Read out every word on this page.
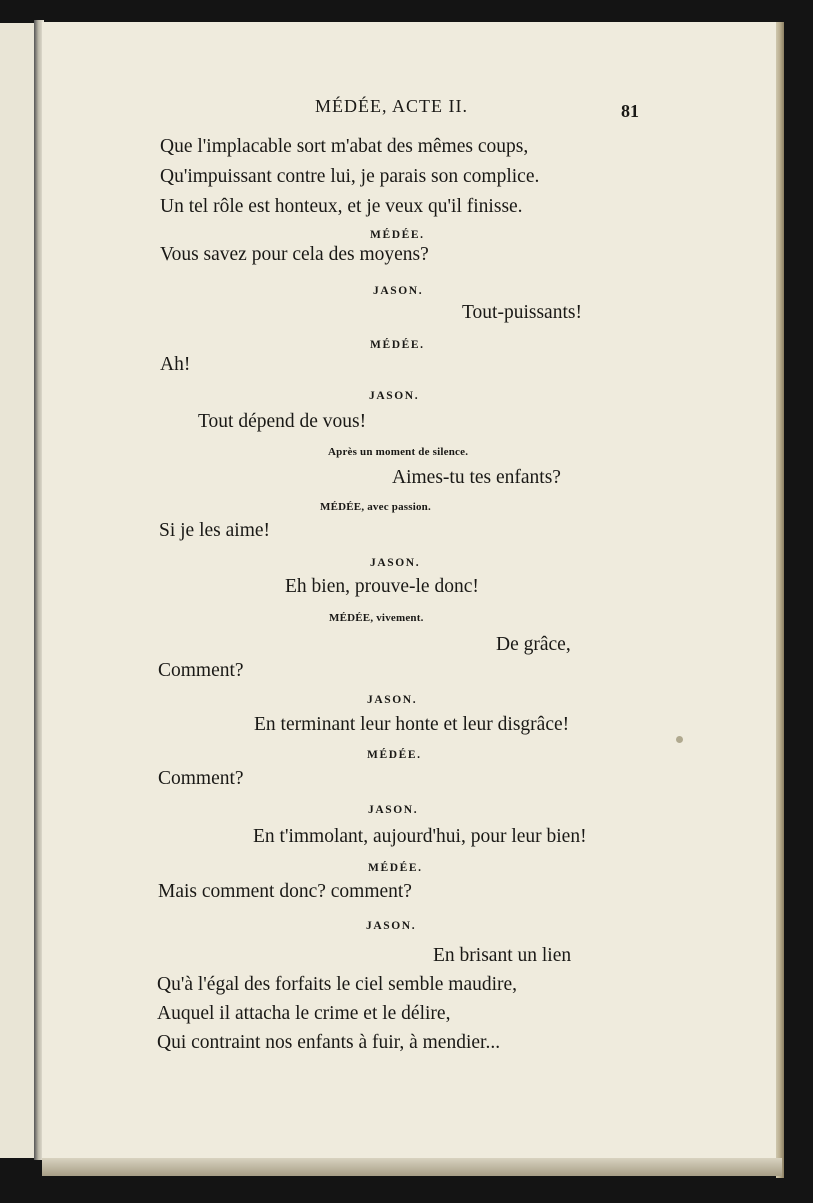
MÉDÉE, ACTE II.	81
Que l'implacable sort m'abat des mêmes coups,
Qu'impuissant contre lui, je parais son complice.
Un tel rôle est honteux, et je veux qu'il finisse.
MÉDÉE.
Vous savez pour cela des moyens?
JASON.
Tout-puissants!
MÉDÉE.
Ah!
JASON.
Tout dépend de vous!
Après un moment de silence.
Aimes-tu tes enfants?
MÉDÉE, avec passion.
Si je les aime!
JASON.
Eh bien, prouve-le donc!
MÉDÉE, vivement.
De grâce,
Comment?
JASON.
En terminant leur honte et leur disgrâce!
MÉDÉE.
Comment?
JASON.
En t'immolant, aujourd'hui, pour leur bien!
MÉDÉE.
Mais comment donc? comment?
JASON.
En brisant un lien
Qu'à l'égal des forfaits le ciel semble maudire,
Auquel il attacha le crime et le délire,
Qui contraint nos enfants à fuir, à mendier...
